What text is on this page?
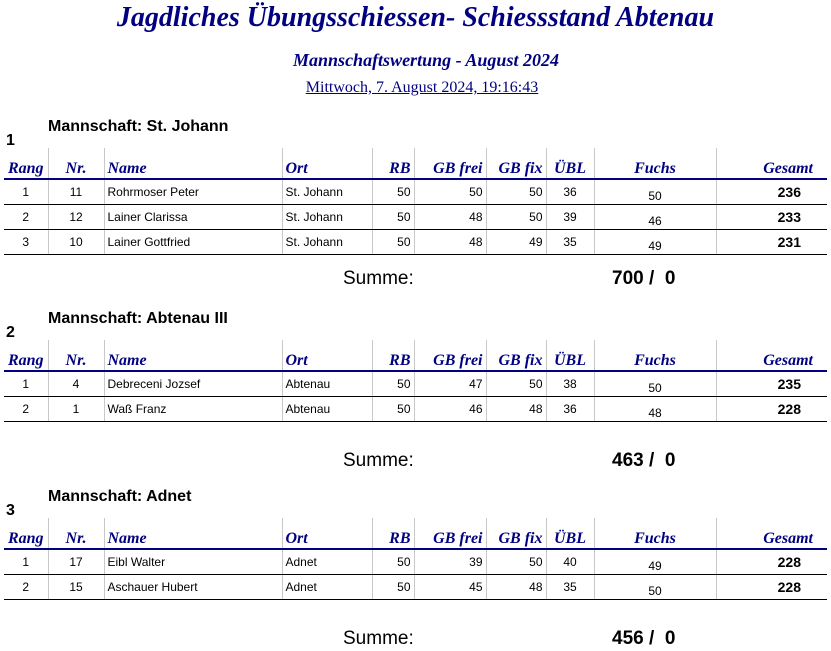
Jagdliches Übungsschiessen- Schiessstand Abtenau
Mannschaftswertung - August 2024
Mittwoch, 7. August 2024, 19:16:43
Mannschaft: St. Johann
1
Rang	Nr.	Name	Ort	RB	GB frei	GB fix	ÜBL	Fuchs	Gesamt
1	11	Rohrmoser Peter	St. Johann	50	50	50	36	50	236
2	12	Lainer Clarissa	St. Johann	50	48	50	39	46	233
3	10	Lainer Gottfried	St. Johann	50	48	49	35	49	231
Summe:	700 /  0
Mannschaft: Abtenau III
2
Rang	Nr.	Name	Ort	RB	GB frei	GB fix	ÜBL	Fuchs	Gesamt
1	4	Debreceni Jozsef	Abtenau	50	47	50	38	50	235
2	1	Waß Franz	Abtenau	50	46	48	36	48	228
Summe:	463 /  0
Mannschaft: Adnet
3
Rang	Nr.	Name	Ort	RB	GB frei	GB fix	ÜBL	Fuchs	Gesamt
1	17	Eibl Walter	Adnet	50	39	50	40	49	228
2	15	Aschauer Hubert	Adnet	50	45	48	35	50	228
Summe:	456 /  0
